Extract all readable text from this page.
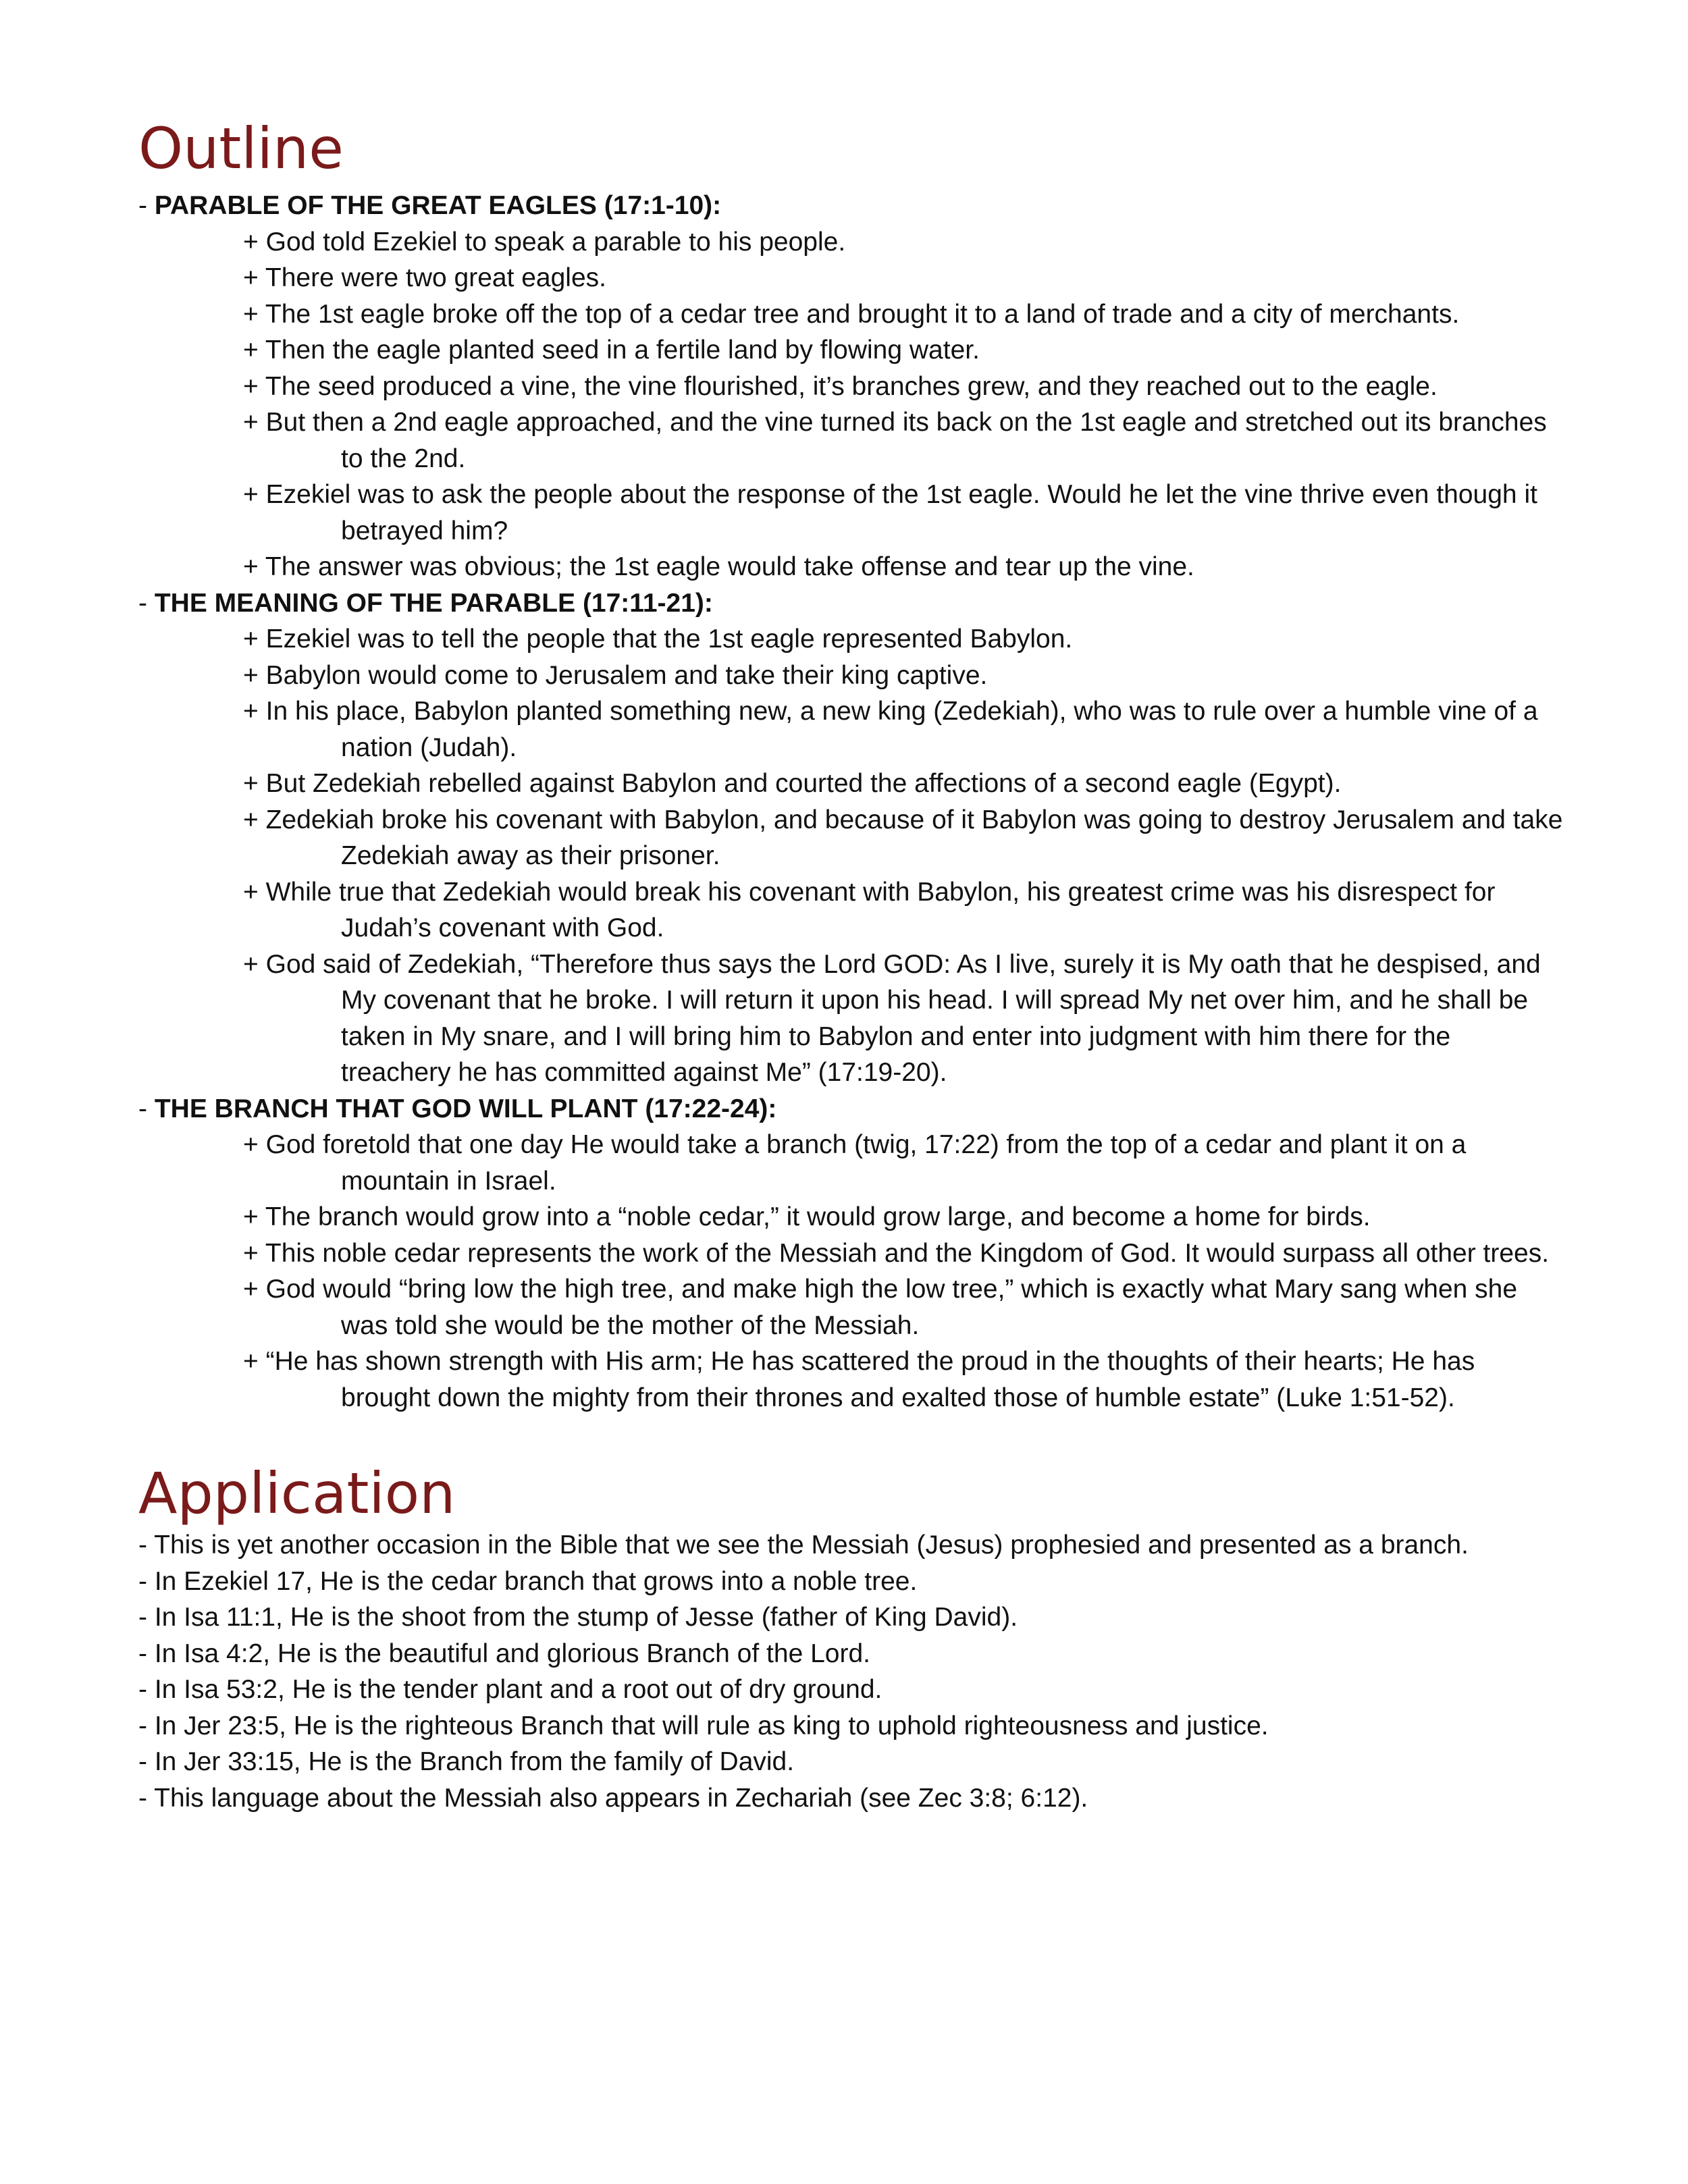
Outline

- PARABLE OF THE GREAT EAGLES (17:1-10):

+ God told Ezekiel to speak a parable to his people.
+ There were two great eagles.
+ The 1st eagle broke off the top of a cedar tree and brought it to a land of trade and a city of merchants.
+ Then the eagle planted seed in a fertile land by flowing water.
+ The seed produced a vine, the vine flourished, it’s branches grew, and they reached out to the eagle.
+ But then a 2nd eagle approached, and the vine turned its back on the 1st eagle and stretched out its branches to the 2nd.
+ Ezekiel was to ask the people about the response of the 1st eagle. Would he let the vine thrive even though it betrayed him?
+ The answer was obvious; the 1st eagle would take offense and tear up the vine.

- THE MEANING OF THE PARABLE (17:11-21):

+ Ezekiel was to tell the people that the 1st eagle represented Babylon.
+ Babylon would come to Jerusalem and take their king captive.
+ In his place, Babylon planted something new, a new king (Zedekiah), who was to rule over a humble vine of a nation (Judah).
+ But Zedekiah rebelled against Babylon and courted the affections of a second eagle (Egypt).
+ Zedekiah broke his covenant with Babylon, and because of it Babylon was going to destroy Jerusalem and take Zedekiah away as their prisoner.
+ While true that Zedekiah would break his covenant with Babylon, his greatest crime was his disrespect for Judah’s covenant with God.
+ God said of Zedekiah, “Therefore thus says the Lord GOD: As I live, surely it is My oath that he despised, and My covenant that he broke. I will return it upon his head. I will spread My net over him, and he shall be taken in My snare, and I will bring him to Babylon and enter into judgment with him there for the treachery he has committed against Me” (17:19-20).

- THE BRANCH THAT GOD WILL PLANT (17:22-24):

+ God foretold that one day He would take a branch (twig, 17:22) from the top of a cedar and plant it on a mountain in Israel.
+ The branch would grow into a “noble cedar,” it would grow large, and become a home for birds.
+ This noble cedar represents the work of the Messiah and the Kingdom of God. It would surpass all other trees.
+ God would “bring low the high tree, and make high the low tree,” which is exactly what Mary sang when she was told she would be the mother of the Messiah.
+ “He has shown strength with His arm; He has scattered the proud in the thoughts of their hearts; He has brought down the mighty from their thrones and exalted those of humble estate” (Luke 1:51-52).
Application
- This is yet another occasion in the Bible that we see the Messiah (Jesus) prophesied and presented as a branch.
- In Ezekiel 17, He is the cedar branch that grows into a noble tree.
- In Isa 11:1, He is the shoot from the stump of Jesse (father of King David).
- In Isa 4:2, He is the beautiful and glorious Branch of the Lord.
- In Isa 53:2, He is the tender plant and a root out of dry ground.
- In Jer 23:5, He is the righteous Branch that will rule as king to uphold righteousness and justice.
- In Jer 33:15, He is the Branch from the family of David.
- This language about the Messiah also appears in Zechariah (see Zec 3:8; 6:12).
